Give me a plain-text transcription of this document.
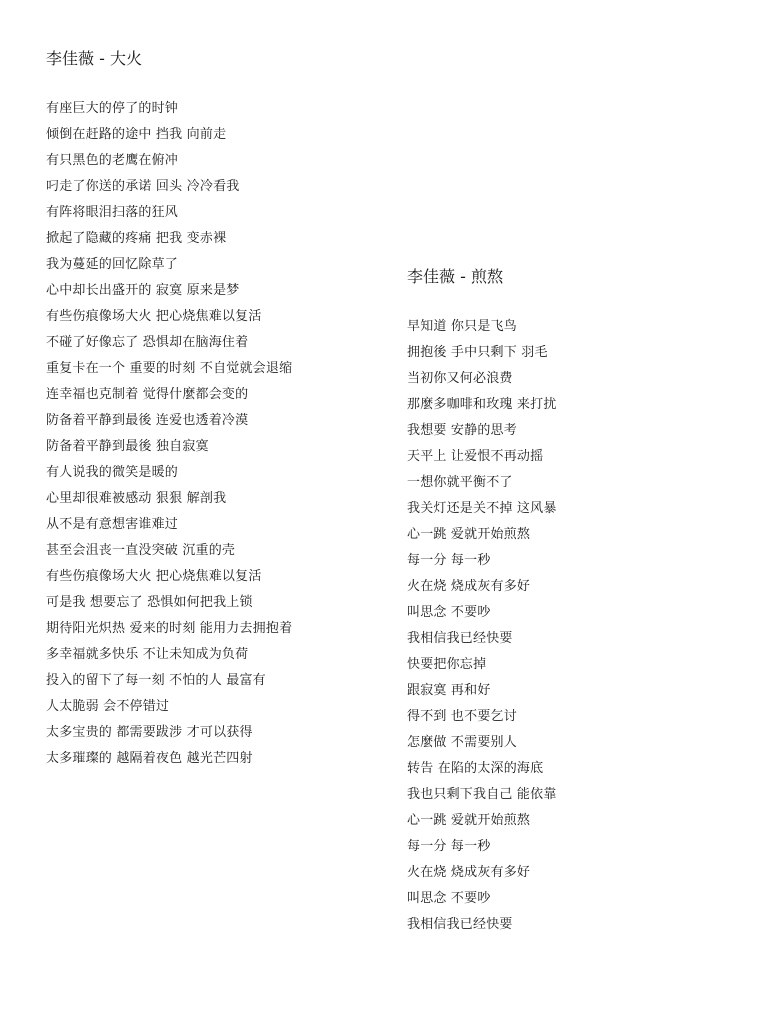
李佳薇 - 大火
有座巨大的停了的时钟
倾倒在赶路的途中 挡我 向前走
有只黑色的老鹰在俯冲
叼走了你送的承诺 回头 冷冷看我
有阵将眼泪扫落的狂风
掀起了隐藏的疼痛 把我 变赤裸
我为蔓延的回忆除草了
心中却长出盛开的 寂寞 原来是梦
有些伤痕像场大火 把心烧焦难以复活
不碰了好像忘了 恐惧却在脑海住着
重复卡在一个 重要的时刻 不自觉就会退缩
连幸福也克制着 觉得什麼都会变的
防备着平静到最後 连爱也透着冷漠
防备着平静到最後 独自寂寞
有人说我的微笑是暖的
心里却很难被感动 狠狠 解剖我
从不是有意想害谁难过
甚至会沮丧一直没突破 沉重的壳
有些伤痕像场大火 把心烧焦难以复活
可是我 想要忘了 恐惧如何把我上锁
期待阳光炽热 爱来的时刻 能用力去拥抱着
多幸福就多快乐 不让未知成为负荷
投入的留下了每一刻 不怕的人 最富有
人太脆弱 会不停错过
太多宝贵的 都需要跋涉 才可以获得
太多璀璨的 越隔着夜色 越光芒四射
李佳薇 - 煎熬
早知道 你只是飞鸟
拥抱後 手中只剩下 羽毛
当初你又何必浪费
那麼多咖啡和玫瑰 来打扰
我想要 安静的思考
天平上 让爱恨不再动摇
一想你就平衡不了
我关灯还是关不掉 这风暴
心一跳 爱就开始煎熬
每一分 每一秒
火在烧 烧成灰有多好
叫思念 不要吵
我相信我已经快要
快要把你忘掉
跟寂寞 再和好
得不到 也不要乞讨
怎麼做 不需要别人
转告 在陷的太深的海底
我也只剩下我自己 能依靠
心一跳 爱就开始煎熬
每一分 每一秒
火在烧 烧成灰有多好
叫思念 不要吵
我相信我已经快要
